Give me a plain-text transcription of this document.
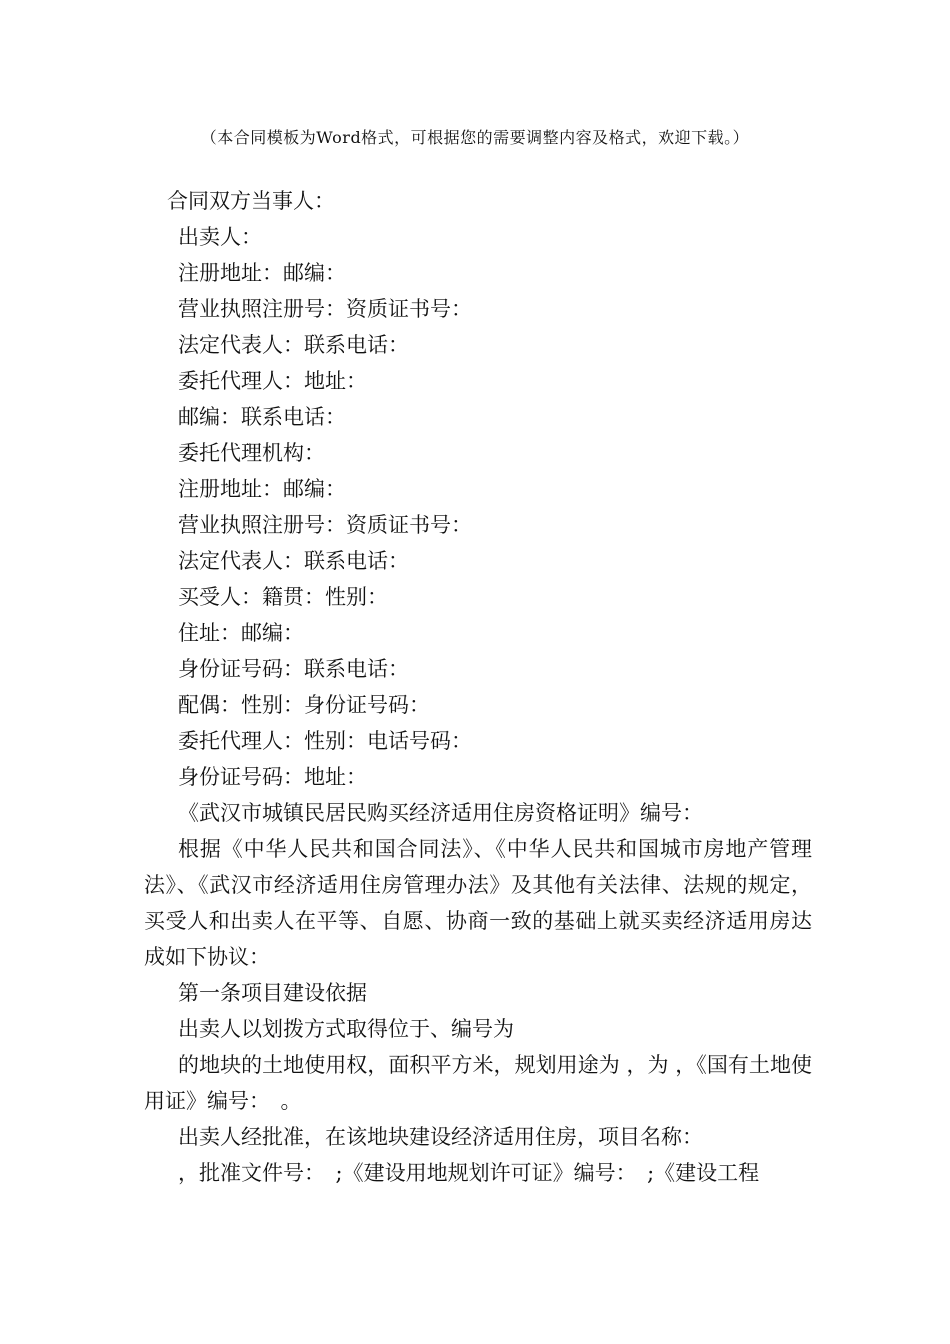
（本合同模板为Word格式，可根据您的需要调整内容及格式，欢迎下载。）

合同双方当事人：

出卖人：

注册地址：邮编：

营业执照注册号：资质证书号：

法定代表人：联系电话：

委托代理人：地址：

邮编：联系电话：

委托代理机构：

注册地址：邮编：

营业执照注册号：资质证书号：

法定代表人：联系电话：

买受人：籍贯：性别：

住址：邮编：

身份证号码：联系电话：

配偶：性别：身份证号码：

委托代理人：性别：电话号码：

身份证号码：地址：

《武汉市城镇民居民购买经济适用住房资格证明》编号：

根据《中华人民共和国合同法》、《中华人民共和国城市房地产管理法》、《武汉市经济适用住房管理办法》及其他有关法律、法规的规定，买受人和出卖人在平等、自愿、协商一致的基础上就买卖经济适用房达成如下协议：

第一条项目建设依据

出卖人以划拨方式取得位于、编号为

的地块的土地使用权，面积平方米，规划用途为 ，为 ，《国有土地使用证》编号：　。

出卖人经批准，在该地块建设经济适用住房，项目名称：

，批准文件号：　;《建设用地规划许可证》编号：　;《建设工程
